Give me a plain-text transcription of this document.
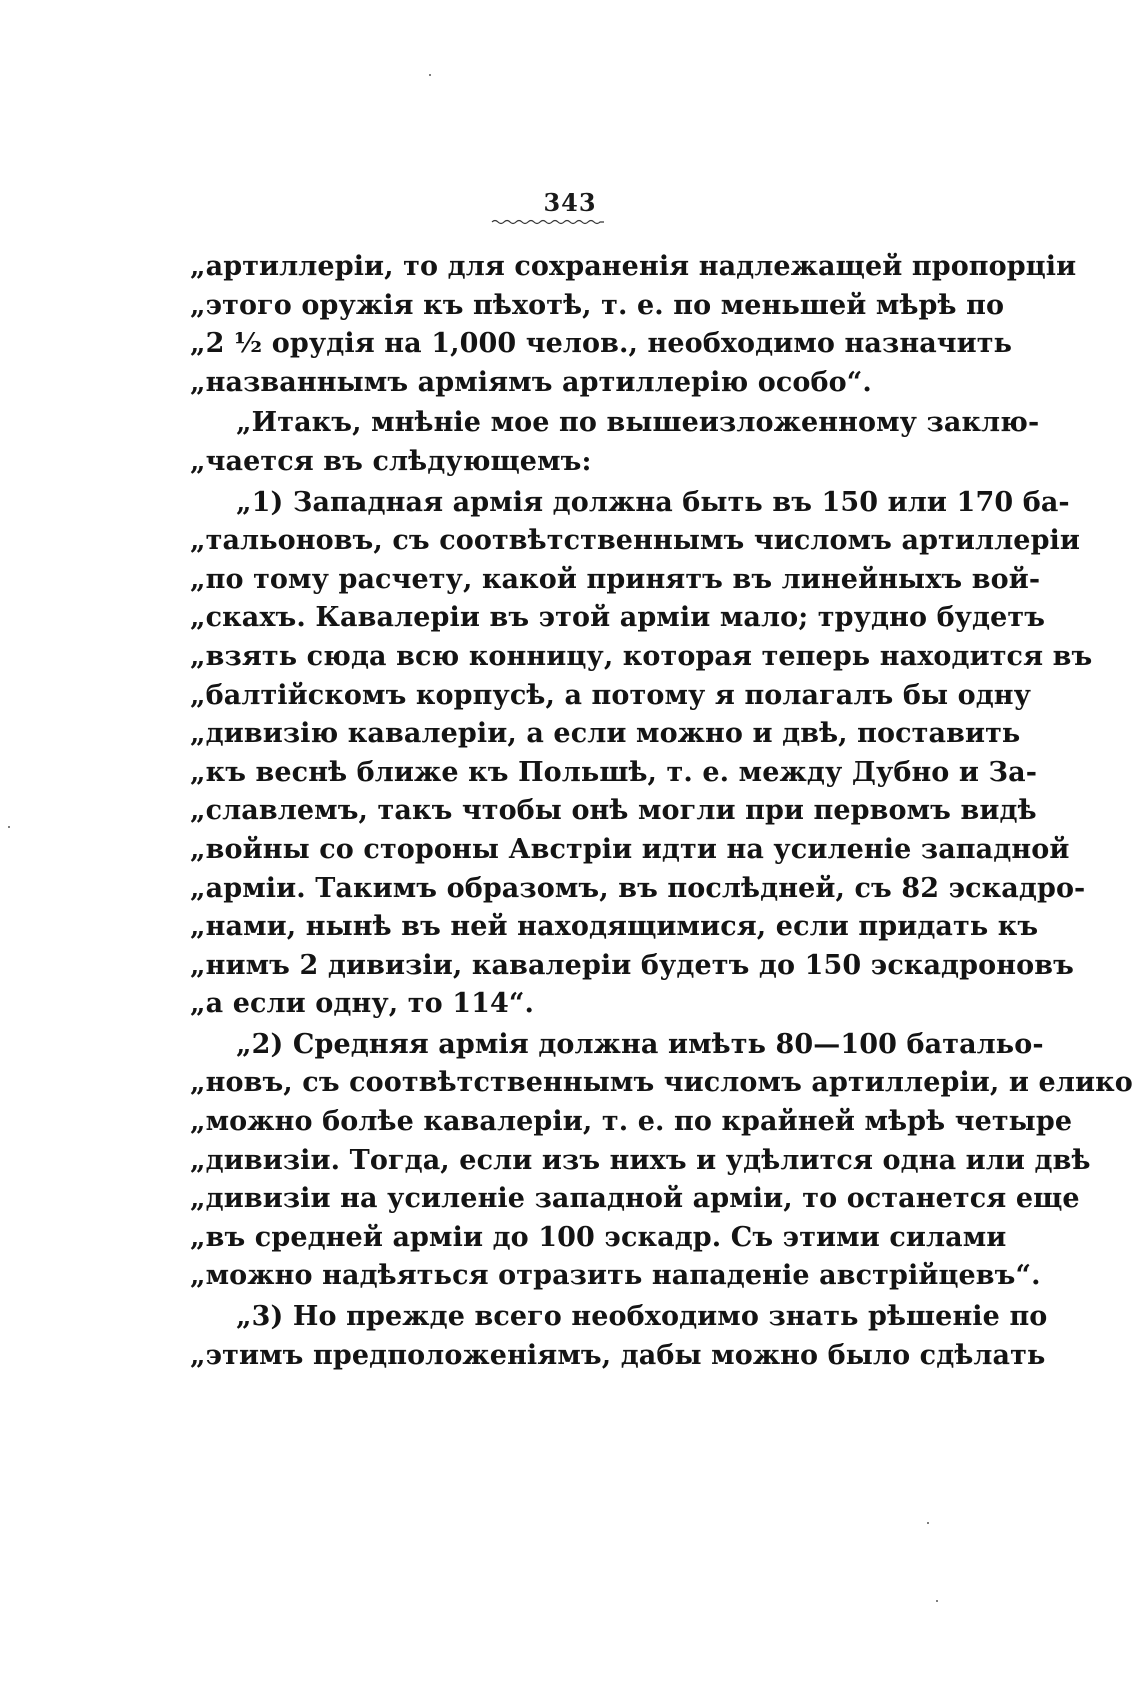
343
„артиллеріи, то для сохраненія надлежащей пропорціи
„этого оружія къ пѣхотѣ, т. е. по меньшей мѣрѣ по
„2 ½ орудія на 1,000 челов., необходимо назначить
„названнымъ арміямъ артиллерію особо“.
„Итакъ, мнѣніе мое по вышеизложенному заклю-
„чается въ слѣдующемъ:
„1) Западная армія должна быть въ 150 или 170 ба-
„тальоновъ, съ соотвѣтственнымъ числомъ артиллеріи
„по тому расчету, какой принятъ въ линейныхъ вой-
„скахъ. Кавалеріи въ этой арміи мало; трудно будетъ
„взять сюда всю конницу, которая теперь находится въ
„балтійскомъ корпусѣ, а потому я полагалъ бы одну
„дивизію кавалеріи, а если можно и двѣ, поставить
„къ веснѣ ближе къ Польшѣ, т. е. между Дубно и За-
„славлемъ, такъ чтобы онѣ могли при первомъ видѣ
„войны со стороны Австріи идти на усиленіе западной
„арміи. Такимъ образомъ, въ послѣдней, съ 82 эскадро-
„нами, нынѣ въ ней находящимися, если придать къ
„нимъ 2 дивизіи, кавалеріи будетъ до 150 эскадроновъ
„а если одну, то 114“.
„2) Средняя армія должна имѣть 80—100 батальо-
„новъ, съ соотвѣтственнымъ числомъ артиллеріи, и елико
„можно болѣе кавалеріи, т. е. по крайней мѣрѣ четыре
„дивизіи. Тогда, если изъ нихъ и удѣлится одна или двѣ
„дивизіи на усиленіе западной арміи, то останется еще
„въ средней арміи до 100 эскадр. Съ этими силами
„можно надѣяться отразить нападеніе австрійцевъ“.
„3) Но прежде всего необходимо знать рѣшеніе по
„этимъ предположеніямъ, дабы можно было сдѣлать
